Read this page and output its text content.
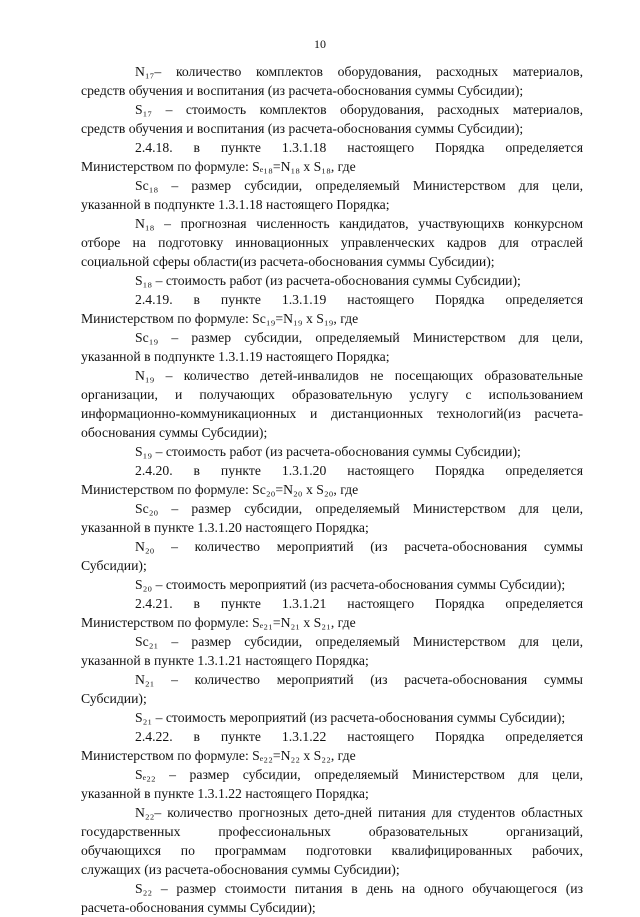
10
N₁₇– количество комплектов оборудования, расходных материалов,
средств обучения и воспитания (из расчета-обоснования суммы Субсидии);
S₁₇ – стоимость комплектов оборудования, расходных материалов,
средств обучения и воспитания (из расчета-обоснования суммы Субсидии);
2.4.18. в пункте 1.3.1.18 настоящего Порядка определяется
Министерством по формуле: Sₑ₁₈=N₁₈ x S₁₈, где
Sc₁₈ – размер субсидии, определяемый Министерством для цели,
указанной в подпункте 1.3.1.18 настоящего Порядка;
N₁₈ – прогнозная численность кандидатов, участвующихв конкурсном
отборе на подготовку инновационных управленческих кадров для отраслей
социальной сферы области(из расчета-обоснования суммы Субсидии);
S₁₈ – стоимость работ (из расчета-обоснования суммы Субсидии);
2.4.19. в пункте 1.3.1.19 настоящего Порядка определяется
Министерством по формуле: Sc₁₉=N₁₉ x S₁₉, где
Sc₁₉ – размер субсидии, определяемый Министерством для цели,
указанной в подпункте 1.3.1.19 настоящего Порядка;
N₁₉ – количество детей-инвалидов не посещающих образовательные
организации, и получающих образовательную услугу с использованием
информационно-коммуникационных и дистанционных технологий(из расчета-
обоснования суммы Субсидии);
S₁₉ – стоимость работ (из расчета-обоснования суммы Субсидии);
2.4.20. в пункте 1.3.1.20 настоящего Порядка определяется
Министерством по формуле: Sc₂₀=N₂₀ x S₂₀, где
Sc₂₀ – размер субсидии, определяемый Министерством для цели,
указанной в пункте 1.3.1.20 настоящего Порядка;
N₂₀ – количество мероприятий (из расчета-обоснования суммы
Субсидии);
S₂₀ – стоимость мероприятий (из расчета-обоснования суммы Субсидии);
2.4.21. в пункте 1.3.1.21 настоящего Порядка определяется
Министерством по формуле: Sₑ₂₁=N₂₁ x S₂₁, где
Sc₂₁ – размер субсидии, определяемый Министерством для цели,
указанной в пункте 1.3.1.21 настоящего Порядка;
N₂₁ – количество мероприятий (из расчета-обоснования суммы
Субсидии);
S₂₁ – стоимость мероприятий (из расчета-обоснования суммы Субсидии);
2.4.22. в пункте 1.3.1.22 настоящего Порядка определяется
Министерством по формуле: Sₑ₂₂=N₂₂ x S₂₂, где
Sₑ₂₂ – размер субсидии, определяемый Министерством для цели,
указанной в пункте 1.3.1.22 настоящего Порядка;
N₂₂– количество прогнозных дето-дней питания для студентов областных
государственных профессиональных образовательных организаций,
обучающихся по программам подготовки квалифицированных рабочих,
служащих (из расчета-обоснования суммы Субсидии);
S₂₂ – размер стоимости питания в день на одного обучающегося (из
расчета-обоснования суммы Субсидии);
